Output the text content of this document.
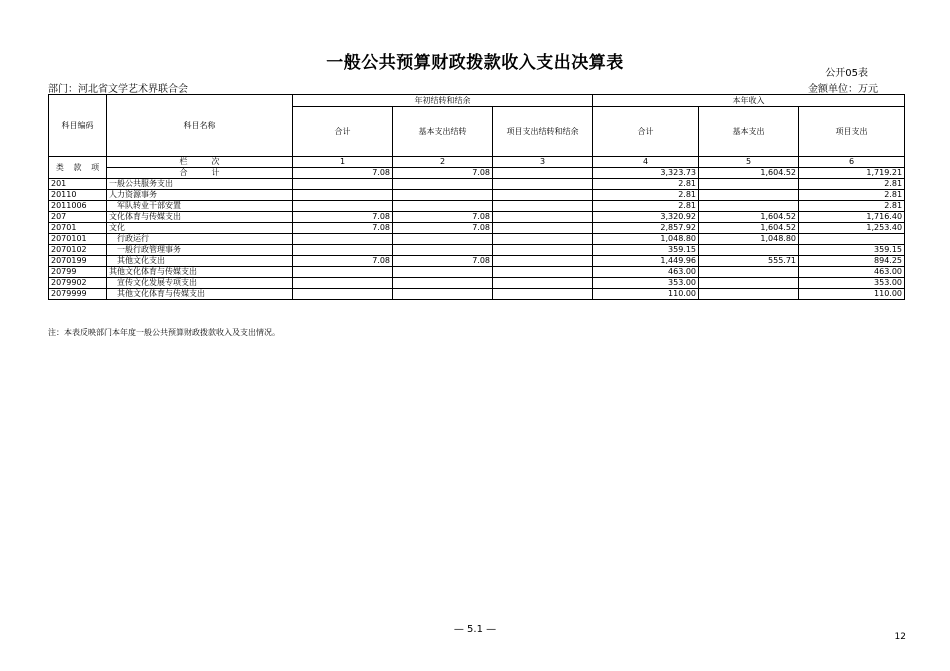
一般公共预算财政拨款收入支出决算表
公开05表
部门：河北省文学艺术界联合会	金额单位：万元
科目编码	科目名称	年初结转和结余			本年收入		
		合计	基本支出结转	项目支出结转和结余	合计	基本支出	项目支出

类 款 项	栏　　　次	1	2	3	4	5	6
	合　　　计	7.08	7.08		3,323.73	1,604.52	1,719.21
201	一般公共服务支出				2.81		2.81
20110	人力资源事务				2.81		2.81
2011006	军队转业干部安置				2.81		2.81
207	文化体育与传媒支出	7.08	7.08		3,320.92	1,604.52	1,716.40
20701	文化	7.08	7.08		2,857.92	1,604.52	1,253.40
2070101	行政运行				1,048.80	1,048.80	
2070102	一般行政管理事务				359.15		359.15
2070199	其他文化支出	7.08	7.08		1,449.96	555.71	894.25
20799	其他文化体育与传媒支出				463.00		463.00
2079902	宣传文化发展专项支出				353.00		353.00
2079999	其他文化体育与传媒支出				110.00		110.00
注：本表反映部门本年度一般公共预算财政拨款收入及支出情况。
— 5.1 —
12
